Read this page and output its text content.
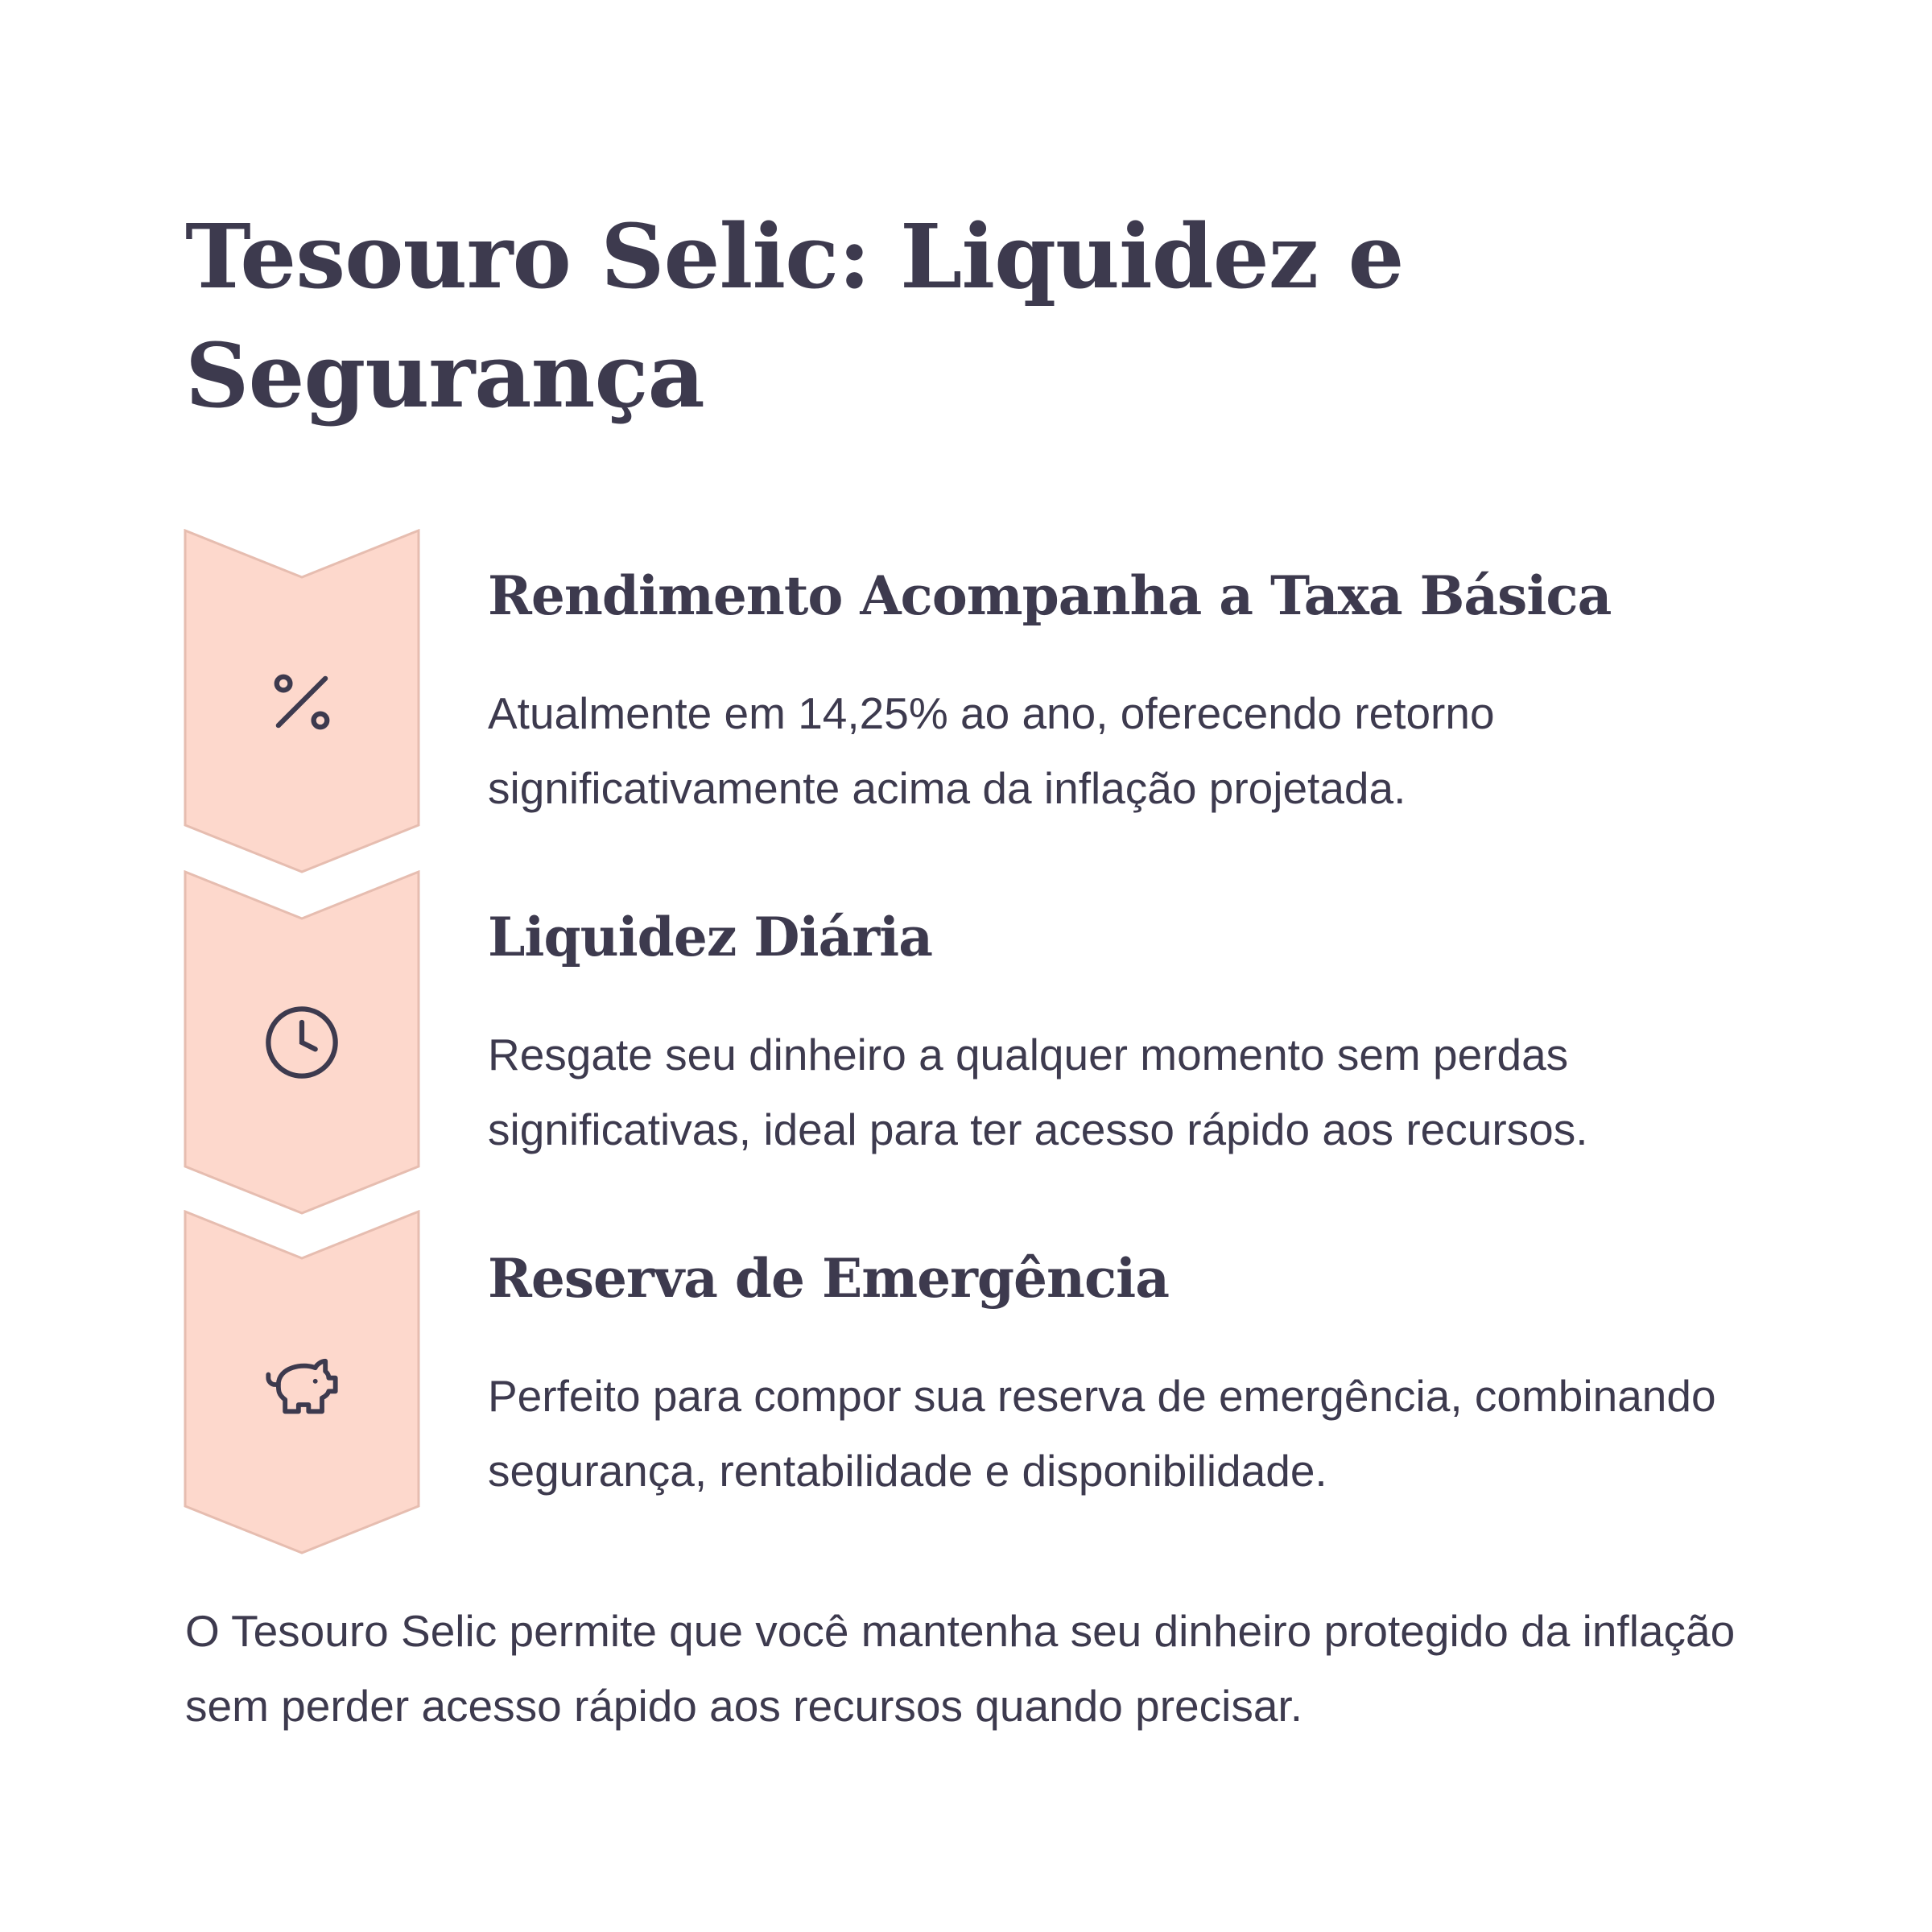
Tesouro Selic: Liquidez e Segurança
Rendimento Acompanha a Taxa Básica

Atualmente em 14,25% ao ano, oferecendo retorno significativamente acima da inflação projetada.

Liquidez Diária

Resgate seu dinheiro a qualquer momento sem perdas significativas, ideal para ter acesso rápido aos recursos.

Reserva de Emergência

Perfeito para compor sua reserva de emergência, combinando segurança, rentabilidade e disponibilidade.

O Tesouro Selic permite que você mantenha seu dinheiro protegido da inflação sem perder acesso rápido aos recursos quando precisar.
